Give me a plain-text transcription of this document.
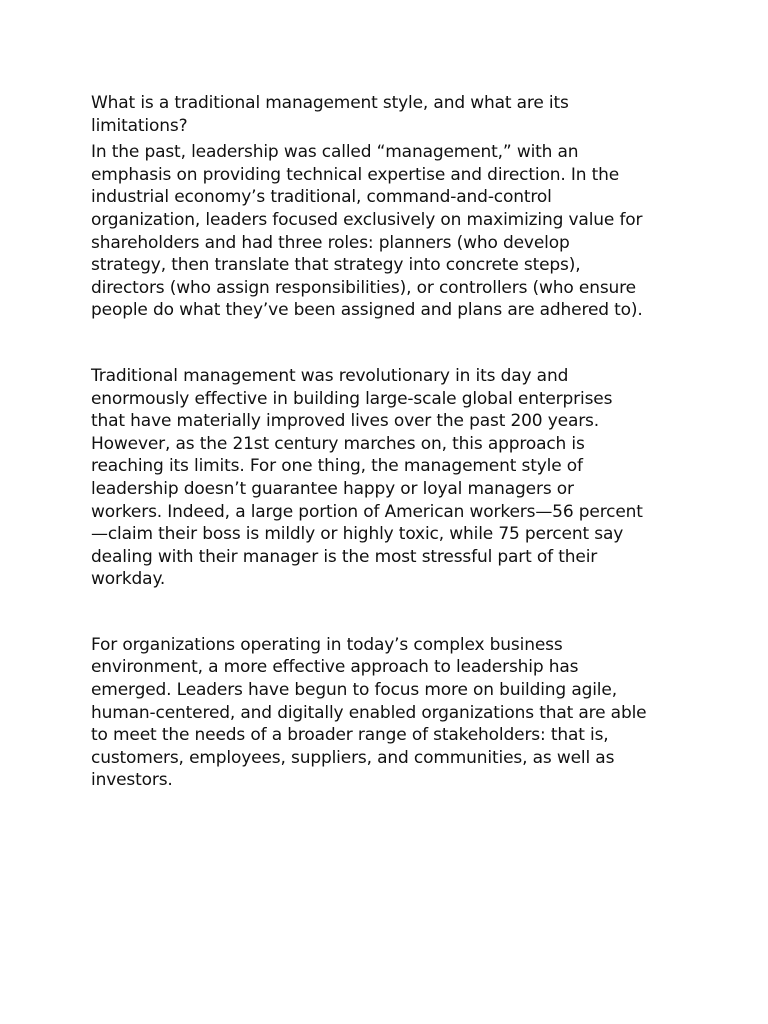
What is a traditional management style, and what are its
limitations?

In the past, leadership was called “management,” with an
emphasis on providing technical expertise and direction. In the
industrial economy’s traditional, command-and-control
organization, leaders focused exclusively on maximizing value for
shareholders and had three roles: planners (who develop
strategy, then translate that strategy into concrete steps),
directors (who assign responsibilities), or controllers (who ensure
people do what they’ve been assigned and plans are adhered to).

Traditional management was revolutionary in its day and
enormously effective in building large-scale global enterprises
that have materially improved lives over the past 200 years.
However, as the 21st century marches on, this approach is
reaching its limits. For one thing, the management style of
leadership doesn’t guarantee happy or loyal managers or
workers. Indeed, a large portion of American workers—56 percent
—claim their boss is mildly or highly toxic, while 75 percent say
dealing with their manager is the most stressful part of their
workday.

For organizations operating in today’s complex business
environment, a more effective approach to leadership has
emerged. Leaders have begun to focus more on building agile,
human-centered, and digitally enabled organizations that are able
to meet the needs of a broader range of stakeholders: that is,
customers, employees, suppliers, and communities, as well as
investors.
